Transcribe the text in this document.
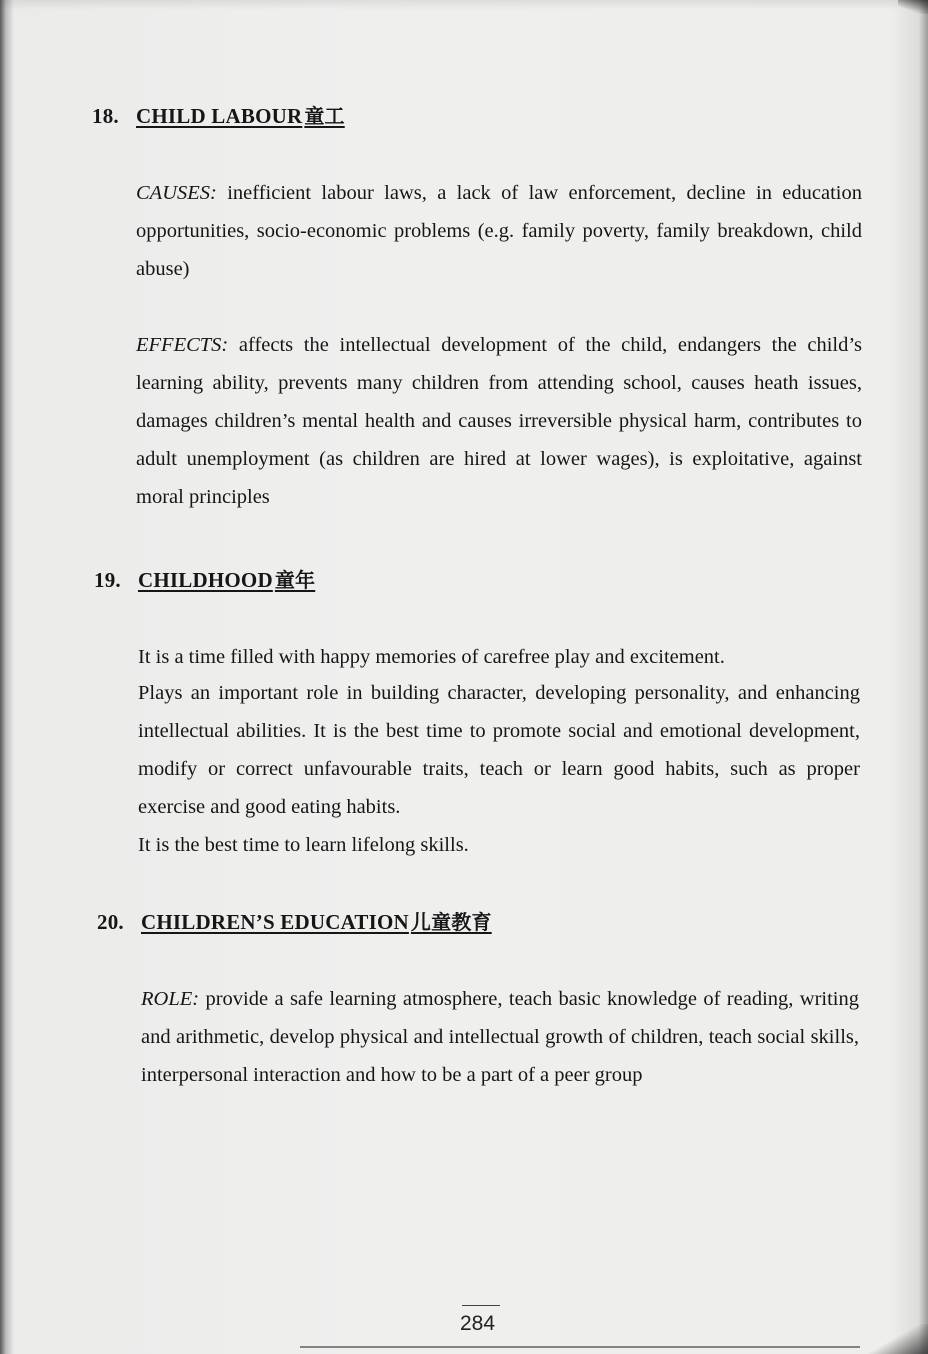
18. CHILD LABOUR 童工
CAUSES: inefficient labour laws, a lack of law enforcement, decline in education opportunities, socio-economic problems (e.g. family poverty, family breakdown, child abuse)
EFFECTS: affects the intellectual development of the child, endangers the child’s learning ability, prevents many children from attending school, causes heath issues, damages children’s mental health and causes irreversible physical harm, contributes to adult unemployment (as children are hired at lower wages), is exploitative, against moral principles
19. CHILDHOOD 童年
It is a time filled with happy memories of carefree play and excitement.
Plays an important role in building character, developing personality, and enhancing intellectual abilities. It is the best time to promote social and emotional development, modify or correct unfavourable traits, teach or learn good habits, such as proper exercise and good eating habits.
It is the best time to learn lifelong skills.
20. CHILDREN’S EDUCATION 儿童教育
ROLE: provide a safe learning atmosphere, teach basic knowledge of reading, writing and arithmetic, develop physical and intellectual growth of children, teach social skills, interpersonal interaction and how to be a part of a peer group
284
